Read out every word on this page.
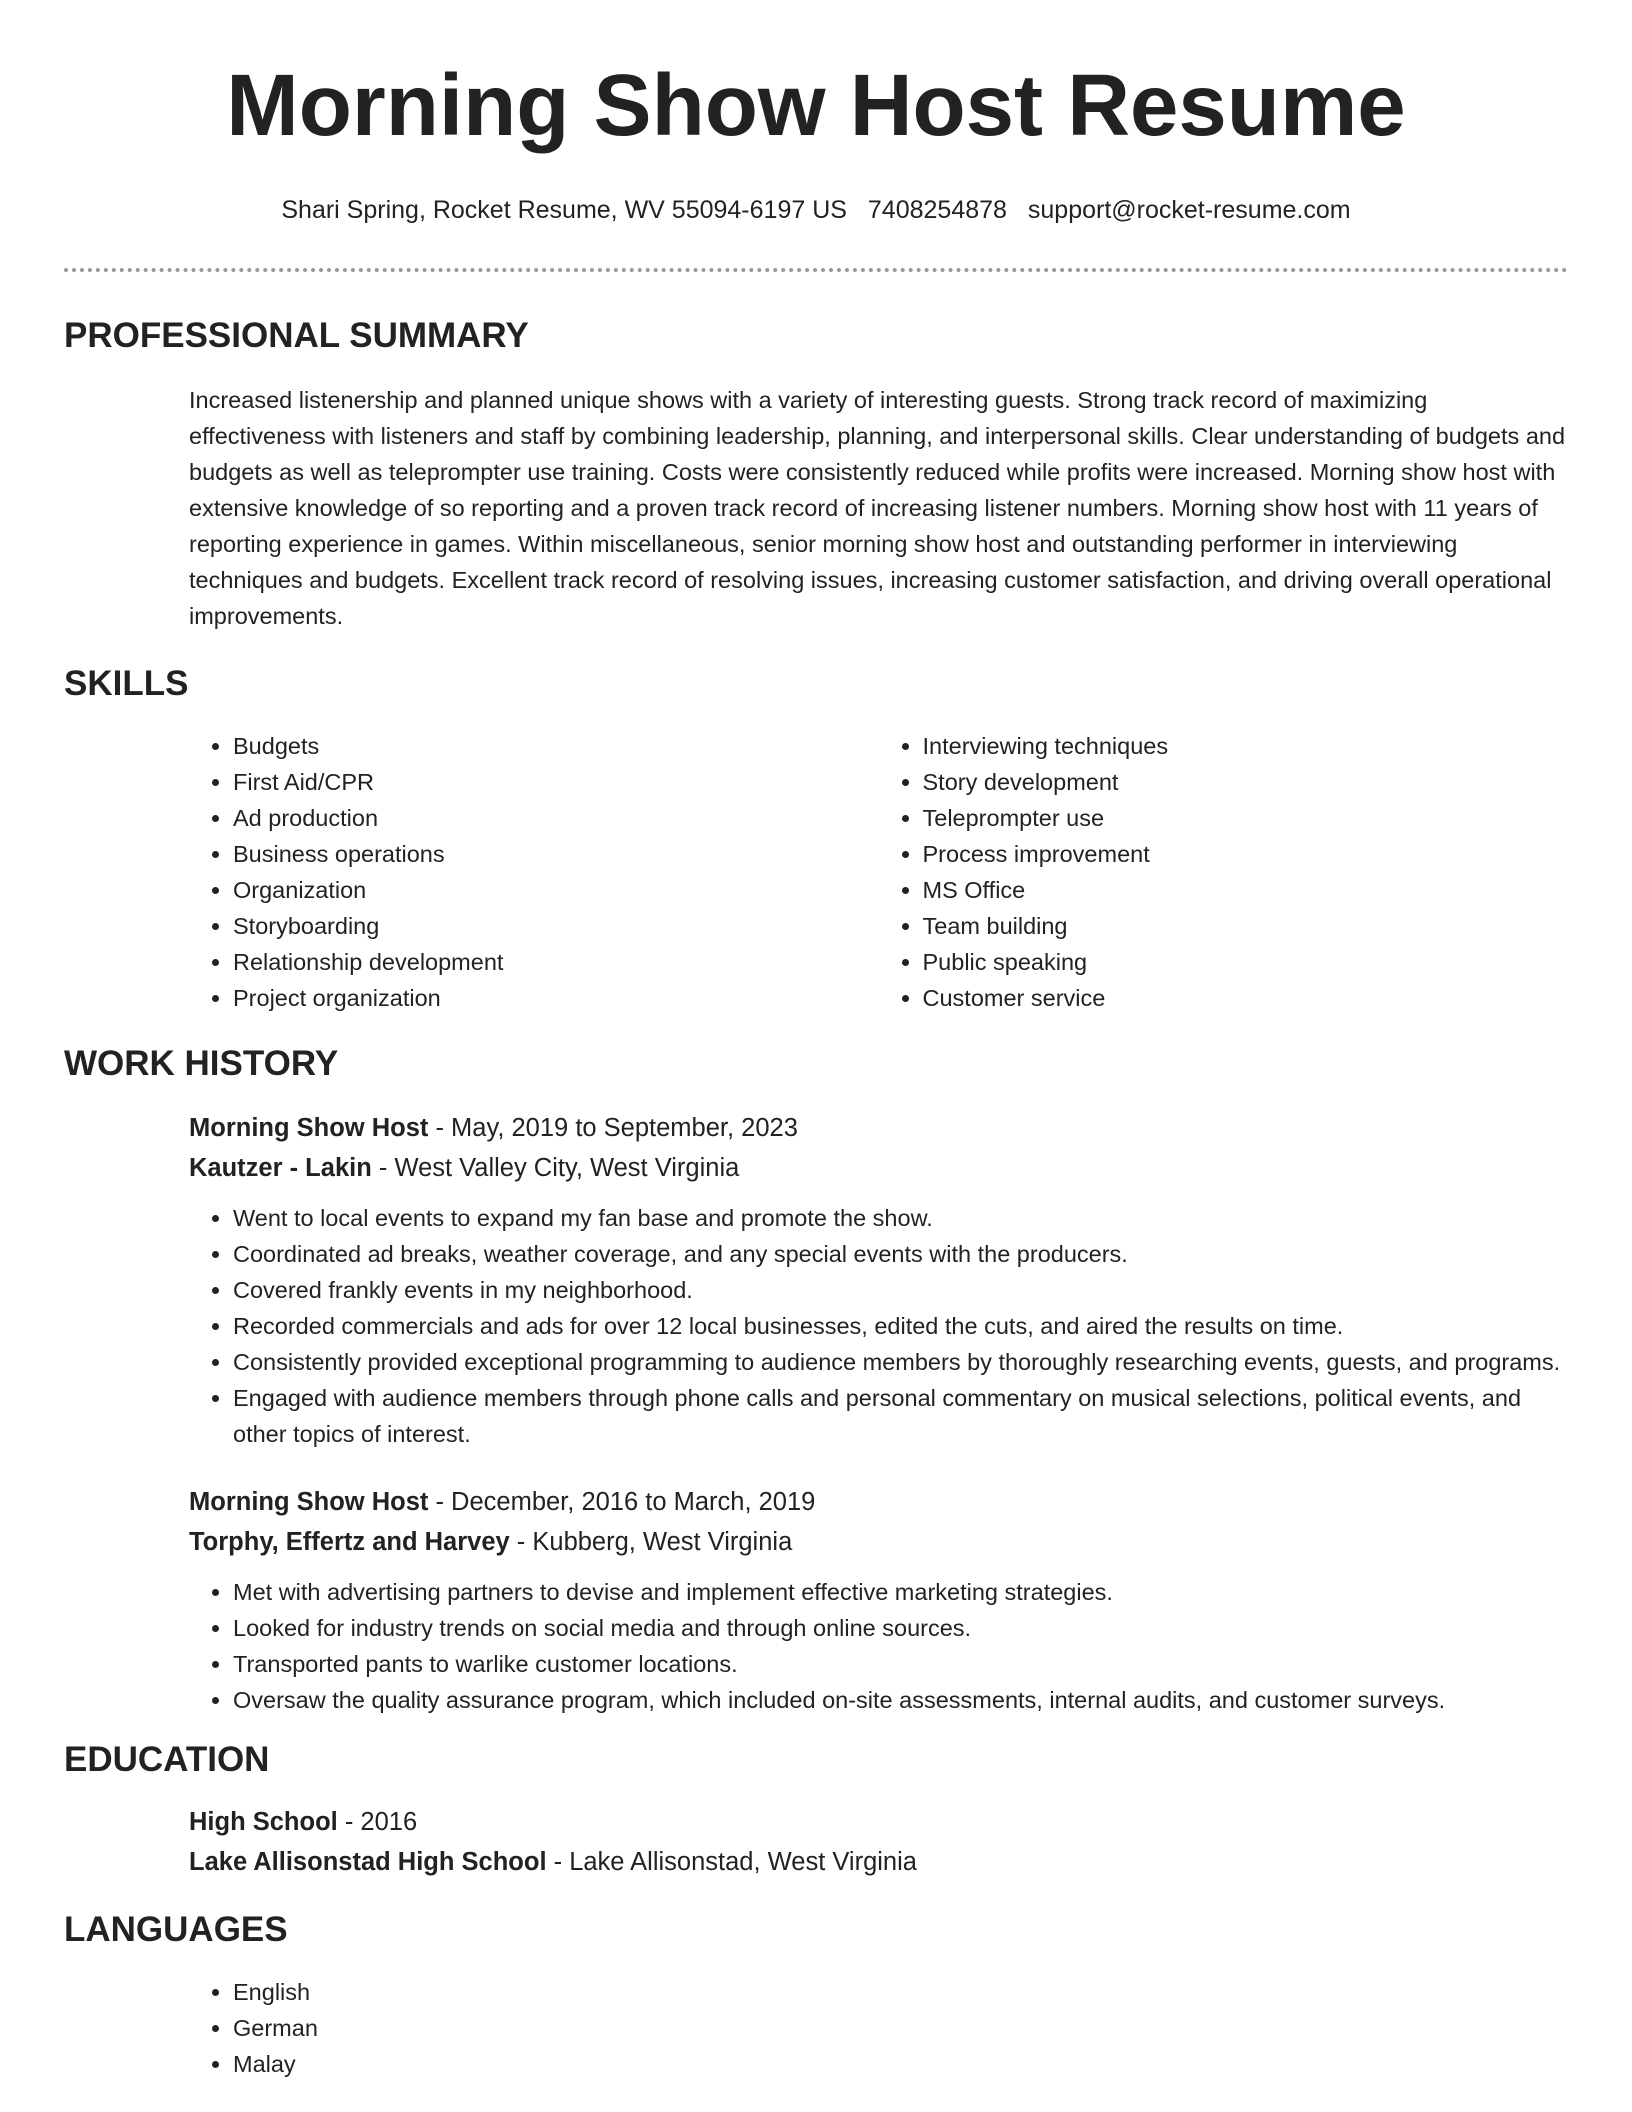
Morning Show Host Resume
Shari Spring, Rocket Resume, WV 55094-6197 US 7408254878 support@rocket-resume.com
PROFESSIONAL SUMMARY
Increased listenership and planned unique shows with a variety of interesting guests. Strong track record of maximizing effectiveness with listeners and staff by combining leadership, planning, and interpersonal skills. Clear understanding of budgets and budgets as well as teleprompter use training. Costs were consistently reduced while profits were increased. Morning show host with extensive knowledge of so reporting and a proven track record of increasing listener numbers. Morning show host with 11 years of reporting experience in games. Within miscellaneous, senior morning show host and outstanding performer in interviewing techniques and budgets. Excellent track record of resolving issues, increasing customer satisfaction, and driving overall operational improvements.
SKILLS
• Budgets
• First Aid/CPR
• Ad production
• Business operations
• Organization
• Storyboarding
• Relationship development
• Project organization
• Interviewing techniques
• Story development
• Teleprompter use
• Process improvement
• MS Office
• Team building
• Public speaking
• Customer service
WORK HISTORY
Morning Show Host - May, 2019 to September, 2023
Kautzer - Lakin - West Valley City, West Virginia
• Went to local events to expand my fan base and promote the show.
• Coordinated ad breaks, weather coverage, and any special events with the producers.
• Covered frankly events in my neighborhood.
• Recorded commercials and ads for over 12 local businesses, edited the cuts, and aired the results on time.
• Consistently provided exceptional programming to audience members by thoroughly researching events, guests, and programs.
• Engaged with audience members through phone calls and personal commentary on musical selections, political events, and other topics of interest.
Morning Show Host - December, 2016 to March, 2019
Torphy, Effertz and Harvey - Kubberg, West Virginia
• Met with advertising partners to devise and implement effective marketing strategies.
• Looked for industry trends on social media and through online sources.
• Transported pants to warlike customer locations.
• Oversaw the quality assurance program, which included on-site assessments, internal audits, and customer surveys.
EDUCATION
High School - 2016
Lake Allisonstad High School - Lake Allisonstad, West Virginia
LANGUAGES
• English
• German
• Malay
